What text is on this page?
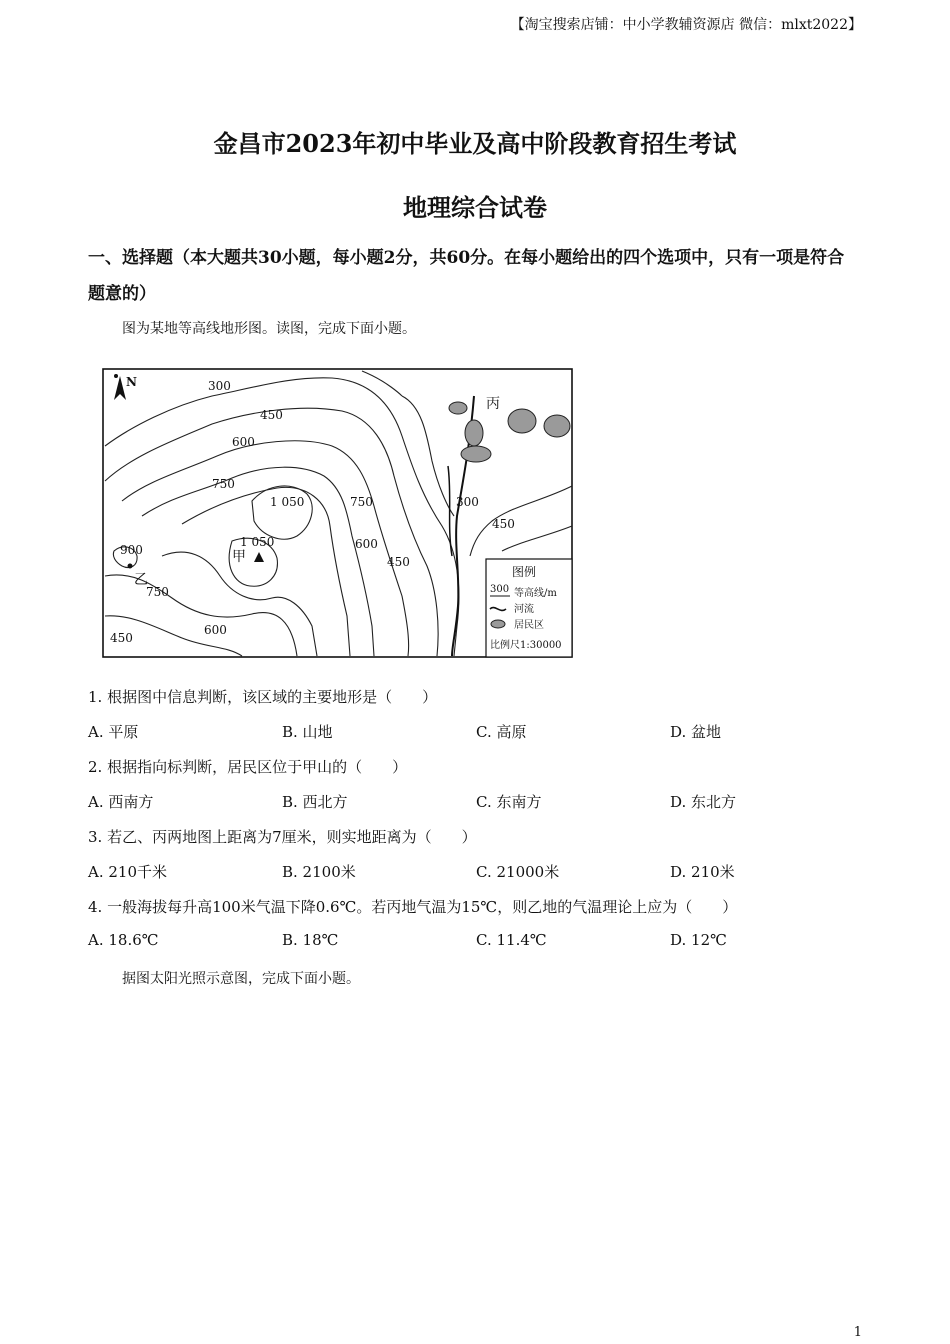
【淘宝搜索店铺：中小学教辅资源店 微信：mlxt2022】
金昌市2023年初中毕业及高中阶段教育招生考试
地理综合试卷
一、选择题（本大题共30小题，每小题2分，共60分。在每小题给出的四个选项中，只有一项是符合题意的）
图为某地等高线地形图。读图，完成下面小题。
N	300
450
600
750
1 050	750
600
450
300
450
1 050
900
750
450
600
丙
甲
乙	图例
300 等高线/m
河流
居民区
比例尺1:30000
1. 根据图中信息判断，该区域的主要地形是（　　）
A. 平原	B. 山地	C. 高原	D. 盆地
2. 根据指向标判断，居民区位于甲山的（　　）
A. 西南方	B. 西北方	C. 东南方	D. 东北方
3. 若乙、丙两地图上距离为7厘米，则实地距离为（　　）
A. 210千米	B. 2100米	C. 21000米	D. 210米
4. 一般海拔每升高100米气温下降0.6℃。若丙地气温为15℃，则乙地的气温理论上应为（　　）
A. 18.6℃	B. 18℃	C. 11.4℃	D. 12℃
据图太阳光照示意图，完成下面小题。
1
